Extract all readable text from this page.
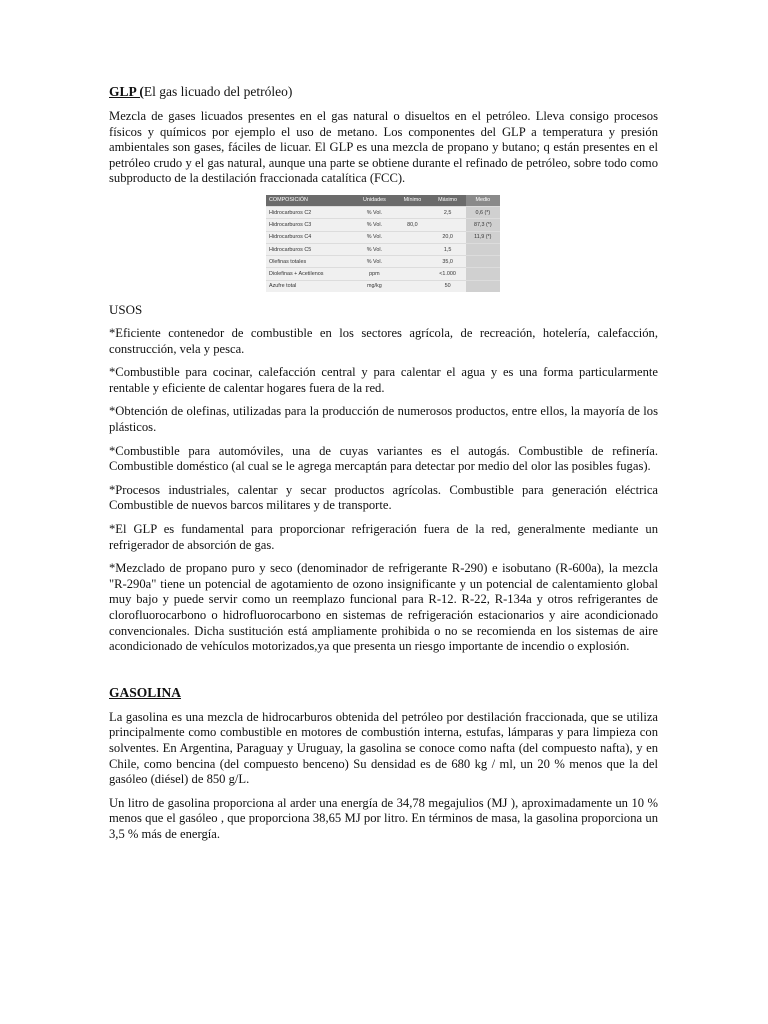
GLP (El gas licuado del petróleo)

Mezcla de gases licuados presentes en el gas natural o disueltos en el petróleo. Lleva consigo procesos físicos y químicos por ejemplo el uso de metano. Los componentes del GLP a temperatura y presión ambientales son gases, fáciles de licuar. El GLP es una mezcla de propano y butano; q están presentes en el petróleo crudo y el gas natural, aunque una parte se obtiene durante el refinado de petróleo, sobre todo como subproducto de la destilación fraccionada catalítica (FCC).

COMPOSICIÓN	Unidades	Mínimo	Máximo	Medio
Hidrocarburos C2	% Vol.		2,5	0,6 (*)
Hidrocarburos C3	% Vol.	80,0		87,3 (*)
Hidrocarburos C4	% Vol.		20,0	11,9 (*)
Hidrocarburos C5	% Vol.		1,5	
Olefinas totales	% Vol.		35,0	
Diolefinas + Acetilenos	ppm		<1.000	
Azufre total	mg/kg		50	
USOS

*Eficiente contenedor de combustible en los sectores agrícola, de recreación, hotelería, calefacción, construcción, vela y pesca.

*Combustible para cocinar, calefacción central y para calentar el agua y es una forma particularmente rentable y eficiente de calentar hogares fuera de la red.

*Obtención de olefinas, utilizadas para la producción de numerosos productos, entre ellos, la mayoría de los plásticos.

*Combustible para automóviles, una de cuyas variantes es el autogás. Combustible de refinería. Combustible doméstico (al cual se le agrega mercaptán para detectar por medio del olor las posibles fugas).

*Procesos industriales, calentar y secar productos agrícolas. Combustible para generación eléctrica Combustible de nuevos barcos militares y de transporte.

*El GLP es fundamental para proporcionar refrigeración fuera de la red, generalmente mediante un refrigerador de absorción de gas.

*Mezclado de propano puro y seco (denominador de refrigerante R-290) e isobutano (R-600a), la mezcla "R-290a" tiene un potencial de agotamiento de ozono insignificante y un potencial de calentamiento global muy bajo y puede servir como un reemplazo funcional para R-12. R-22, R-134a y otros refrigerantes de clorofluorocarbono o hidrofluorocarbono en sistemas de refrigeración estacionarios y aire acondicionado convencionales. Dicha sustitución está ampliamente prohibida o no se recomienda en los sistemas de aire acondicionado de vehículos motorizados,ya que presenta un riesgo importante de incendio o explosión.

GASOLINA

La gasolina es una mezcla de hidrocarburos obtenida del petróleo por destilación fraccionada, que se utiliza principalmente como combustible en motores de combustión interna, estufas, lámparas y para limpieza con solventes. En Argentina, Paraguay y Uruguay, la gasolina se conoce como nafta (del compuesto nafta), y en Chile, como bencina (del compuesto benceno) Su densidad es de 680 kg / ml, un 20 % menos que la del gasóleo (diésel) de 850 g/L.

Un litro de gasolina proporciona al arder una energía de 34,78 megajulios (MJ ), aproximadamente un 10 % menos que el gasóleo , que proporciona 38,65 MJ por litro. En términos de masa, la gasolina proporciona un 3,5 % más de energía.
